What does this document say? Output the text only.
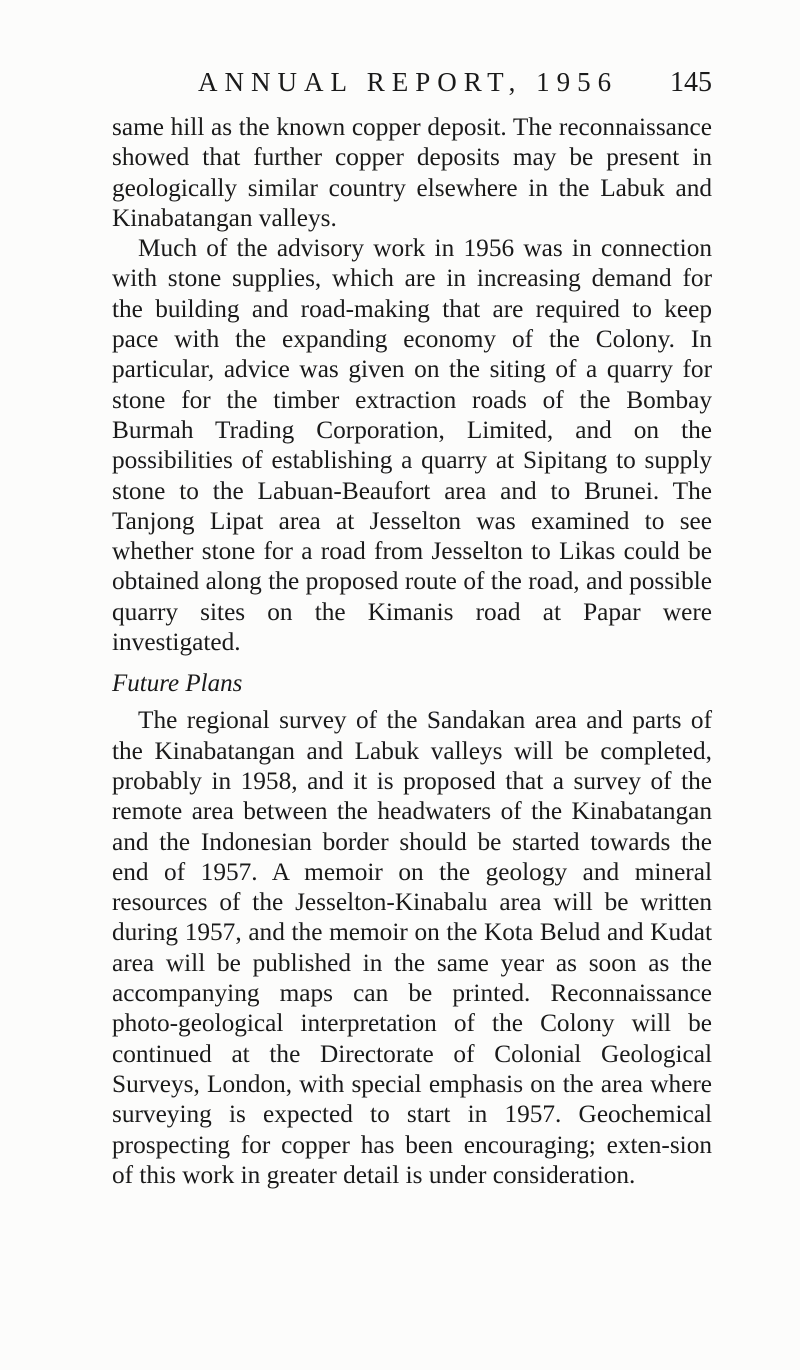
ANNUAL REPORT, 1956 145

same hill as the known copper deposit. The reconnaissance showed that further copper deposits may be present in geologically similar country elsewhere in the Labuk and Kinabatangan valleys.

Much of the advisory work in 1956 was in connection with stone supplies, which are in increasing demand for the building and road-making that are required to keep pace with the expanding economy of the Colony. In particular, advice was given on the siting of a quarry for stone for the timber extraction roads of the Bombay Burmah Trading Corporation, Limited, and on the possibilities of establishing a quarry at Sipitang to supply stone to the Labuan-Beaufort area and to Brunei. The Tanjong Lipat area at Jesselton was examined to see whether stone for a road from Jesselton to Likas could be obtained along the proposed route of the road, and possible quarry sites on the Kimanis road at Papar were investigated.

Future Plans

The regional survey of the Sandakan area and parts of the Kinabatangan and Labuk valleys will be completed, probably in 1958, and it is proposed that a survey of the remote area between the headwaters of the Kinabatangan and the Indonesian border should be started towards the end of 1957. A memoir on the geology and mineral resources of the Jesselton-Kinabalu area will be written during 1957, and the memoir on the Kota Belud and Kudat area will be published in the same year as soon as the accompanying maps can be printed. Reconnaissance photo-geological interpretation of the Colony will be continued at the Directorate of Colonial Geological Surveys, London, with special emphasis on the area where surveying is expected to start in 1957. Geochemical prospecting for copper has been encouraging; exten-sion of this work in greater detail is under consideration.
